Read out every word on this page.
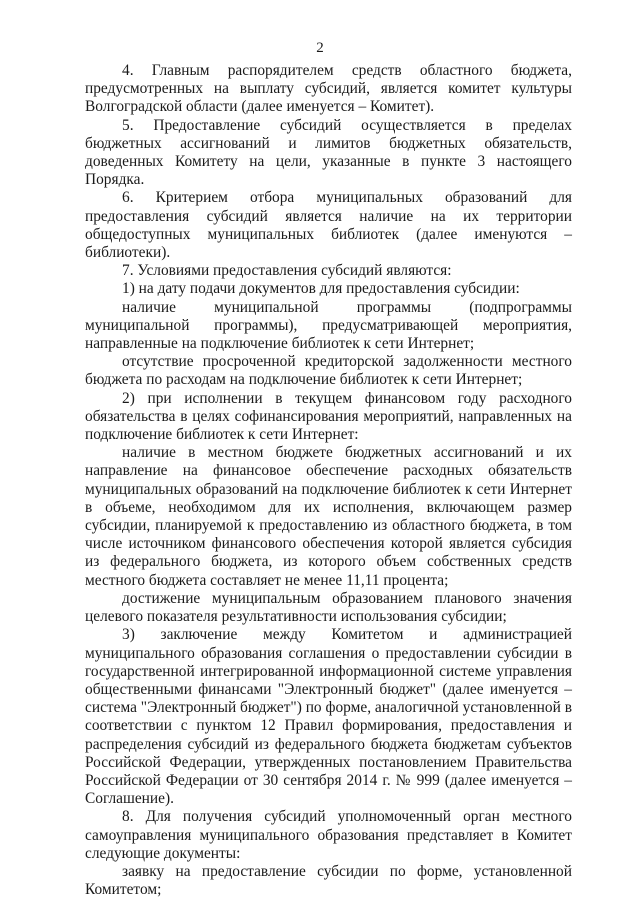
2

4. Главным распорядителем средств областного бюджета, предусмотренных на выплату субсидий, является комитет культуры Волгоградской области (далее именуется – Комитет).

5. Предоставление субсидий осуществляется в пределах бюджетных ассигнований и лимитов бюджетных обязательств, доведенных Комитету на цели, указанные в пункте 3 настоящего Порядка.

6. Критерием отбора муниципальных образований для предоставления субсидий является наличие на их территории общедоступных муниципальных библиотек (далее именуются – библиотеки).

7. Условиями предоставления субсидий являются:

1) на дату подачи документов для предоставления субсидии:

наличие муниципальной программы (подпрограммы муниципальной программы), предусматривающей мероприятия, направленные на подключение библиотек к сети Интернет;

отсутствие просроченной кредиторской задолженности местного бюджета по расходам на подключение библиотек к сети Интернет;

2) при исполнении в текущем финансовом году расходного обязательства в целях софинансирования мероприятий, направленных на подключение библиотек к сети Интернет:

наличие в местном бюджете бюджетных ассигнований и их направление на финансовое обеспечение расходных обязательств муниципальных образований на подключение библиотек к сети Интернет в объеме, необходимом для их исполнения, включающем размер субсидии, планируемой к предоставлению из областного бюджета, в том числе источником финансового обеспечения которой является субсидия из федерального бюджета, из которого объем собственных средств местного бюджета составляет не менее 11,11 процента;

достижение муниципальным образованием планового значения целевого показателя результативности использования субсидии;

3) заключение между Комитетом и администрацией муниципального образования соглашения о предоставлении субсидии в государственной интегрированной информационной системе управления общественными финансами "Электронный бюджет" (далее именуется – система "Электронный бюджет") по форме, аналогичной установленной в соответствии с пунктом 12 Правил формирования, предоставления и распределения субсидий из федерального бюджета бюджетам субъектов Российской Федерации, утвержденных постановлением Правительства Российской Федерации от 30 сентября 2014 г. № 999 (далее именуется – Соглашение).

8. Для получения субсидий уполномоченный орган местного самоуправления муниципального образования представляет в Комитет следующие документы:

заявку на предоставление субсидии по форме, установленной Комитетом;
